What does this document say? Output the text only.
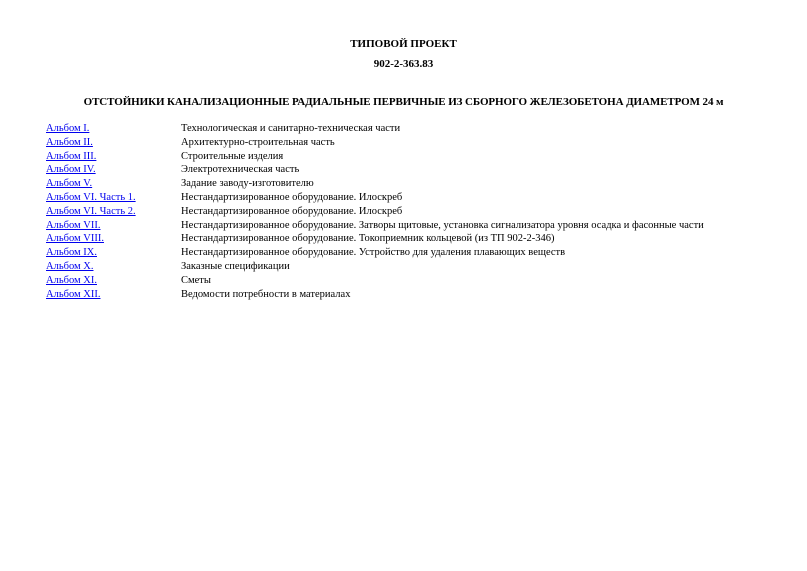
ТИПОВОЙ ПРОЕКТ
902-2-363.83
ОТСТОЙНИКИ КАНАЛИЗАЦИОННЫЕ РАДИАЛЬНЫЕ ПЕРВИЧНЫЕ ИЗ СБОРНОГО ЖЕЛЕЗОБЕТОНА ДИАМЕТРОМ 24 м
Альбом I.	Технологическая и санитарно-техническая части
Альбом II.	Архитектурно-строительная часть
Альбом III.	Строительные изделия
Альбом IV.	Электротехническая часть
Альбом V.	Задание заводу-изготовителю
Альбом VI. Часть 1.	Нестандартизированное оборудование. Илоскреб
Альбом VI. Часть 2.	Нестандартизированное оборудование. Илоскреб
Альбом VII.	Нестандартизированное оборудование. Затворы щитовые, установка сигнализатора уровня осадка и фасонные части
Альбом VIII.	Нестандартизированное оборудование. Токоприемник кольцевой (из ТП 902-2-346)
Альбом IX.	Нестандартизированное оборудование. Устройство для удаления плавающих веществ
Альбом X.	Заказные спецификации
Альбом XI.	Сметы
Альбом XII.	Ведомости потребности в материалах
